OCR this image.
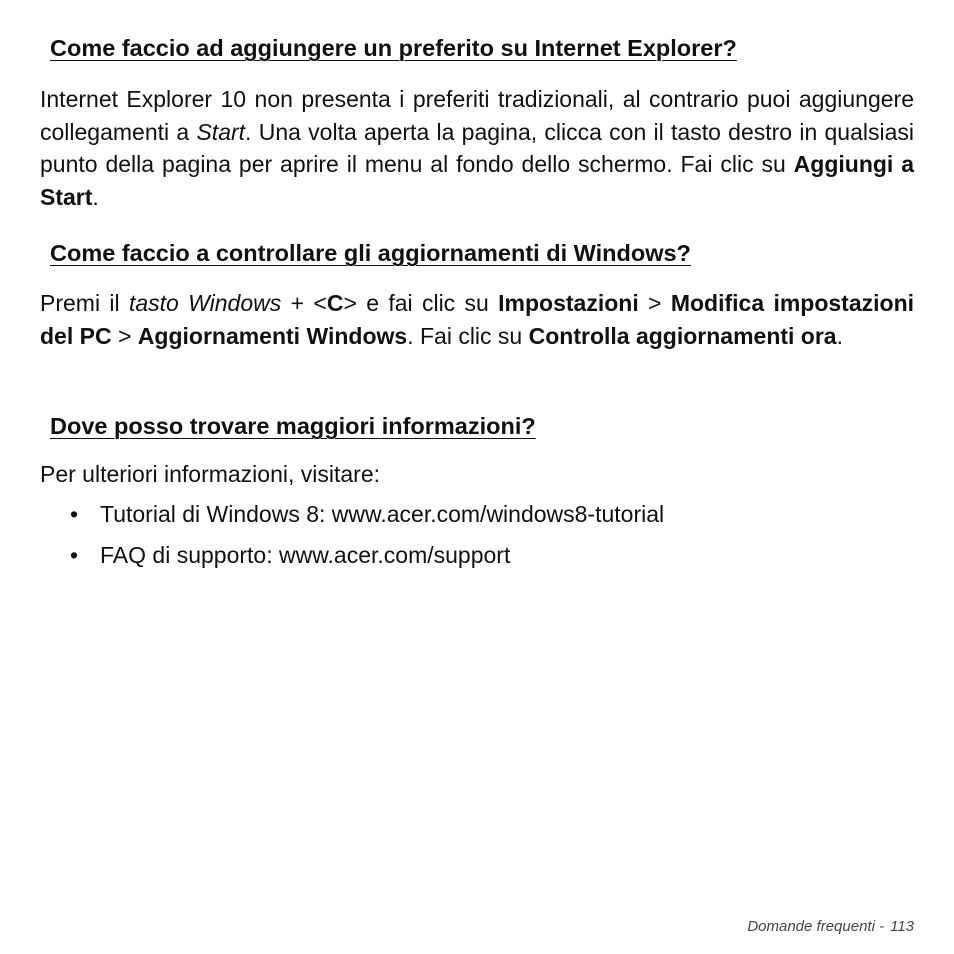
Come faccio ad aggiungere un preferito su Internet Explorer?

Internet Explorer 10 non presenta i preferiti tradizionali, al contrario puoi aggiungere collegamenti a Start. Una volta aperta la pagina, clicca con il tasto destro in qualsiasi punto della pagina per aprire il menu al fondo dello schermo. Fai clic su Aggiungi a Start.

Come faccio a controllare gli aggiornamenti di Windows?

Premi il tasto Windows + <C> e fai clic su Impostazioni > Modifica impostazioni del PC > Aggiornamenti Windows. Fai clic su Controlla aggiornamenti ora.

Dove posso trovare maggiori informazioni?

Per ulteriori informazioni, visitare:

• Tutorial di Windows 8: www.acer.com/windows8-tutorial
• FAQ di supporto: www.acer.com/support
Domande frequenti - 113
